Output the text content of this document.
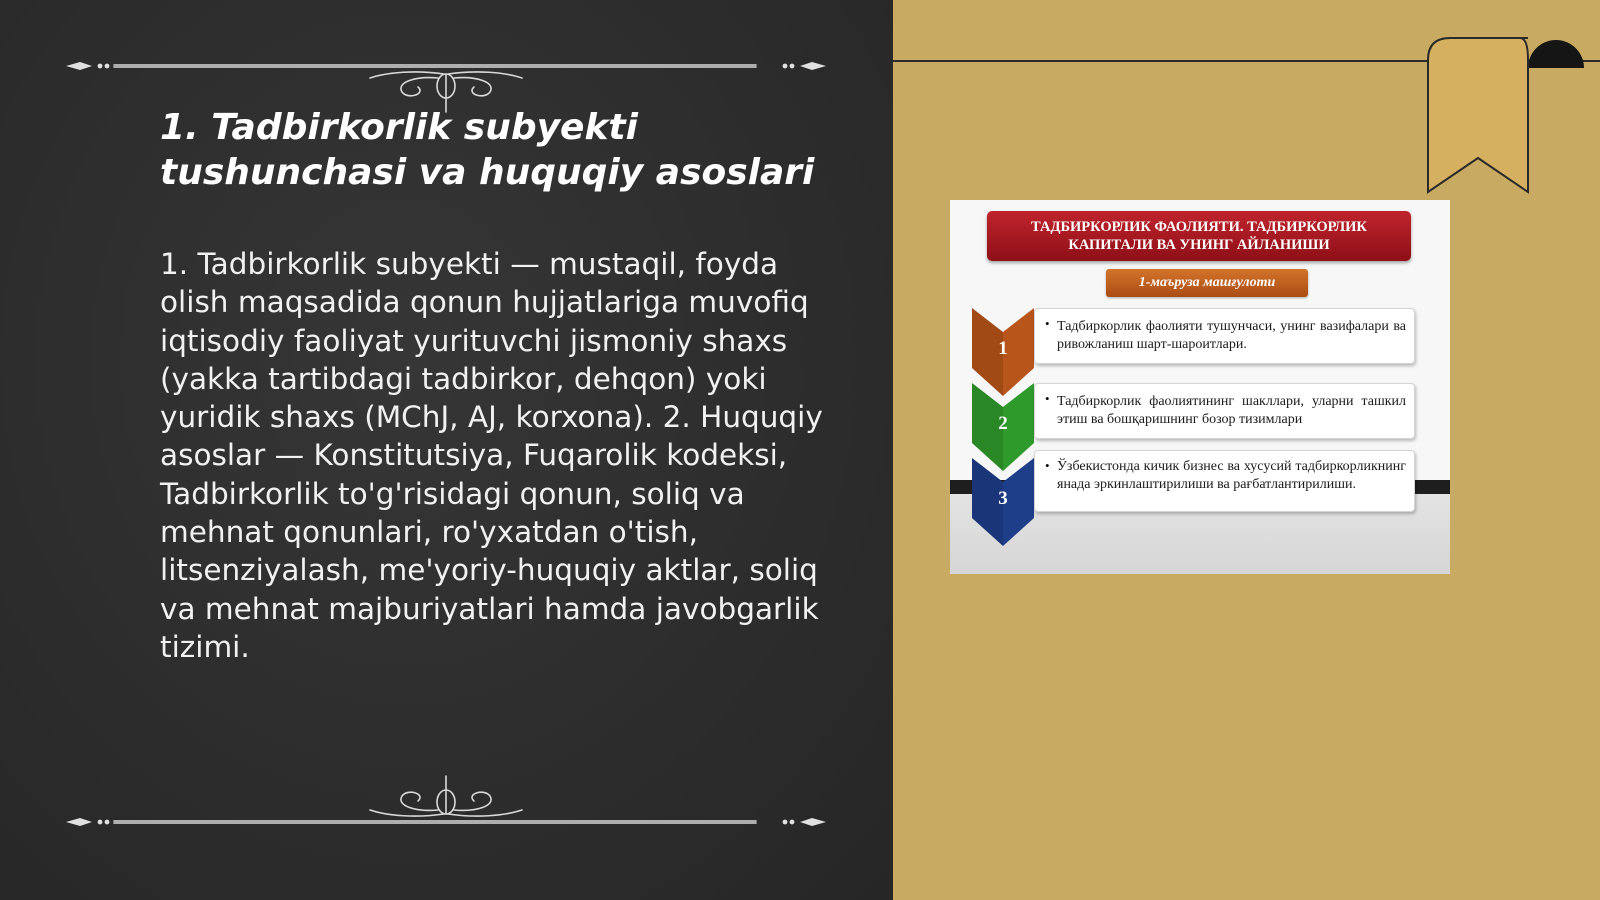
1. Tadbirkorlik subyekti tushunchasi va huquqiy asoslari

1. Tadbirkorlik subyekti — mustaqil, foyda olish maqsadida qonun hujjatlariga muvofiq iqtisodiy faoliyat yurituvchi jismoniy shaxs (yakka tartibdagi tadbirkor, dehqon) yoki yuridik shaxs (MChJ, AJ, korxona). 2. Huquqiy asoslar — Konstitutsiya, Fuqarolik kodeksi, Tadbirkorlik to'g'risidagi qonun, soliq va mehnat qonunlari, ro'yxatdan o'tish, litsenziyalash, me'yoriy-huquqiy aktlar, soliq va mehnat majburiyatlari hamda javobgarlik tizimi.

ТАДБИРКОРЛИК ФАОЛИЯТИ. ТАДБИРКОРЛИК КАПИТАЛИ ВА УНИНГ АЙЛАНИШИ
1-маъруза машғулоти
1
• Тадбиркорлик фаолияти тушунчаси, унинг вазифалари ва ривожланиш шарт-шароитлари.
2
• Тадбиркорлик фаолиятининг шакллари, уларни ташкил этиш ва бошқаришнинг бозор тизимлари
3
• Ўзбекистонда кичик бизнес ва хусусий тадбиркорликнинг янада эркинлаштирилиши ва рағбатлантирилиши.
